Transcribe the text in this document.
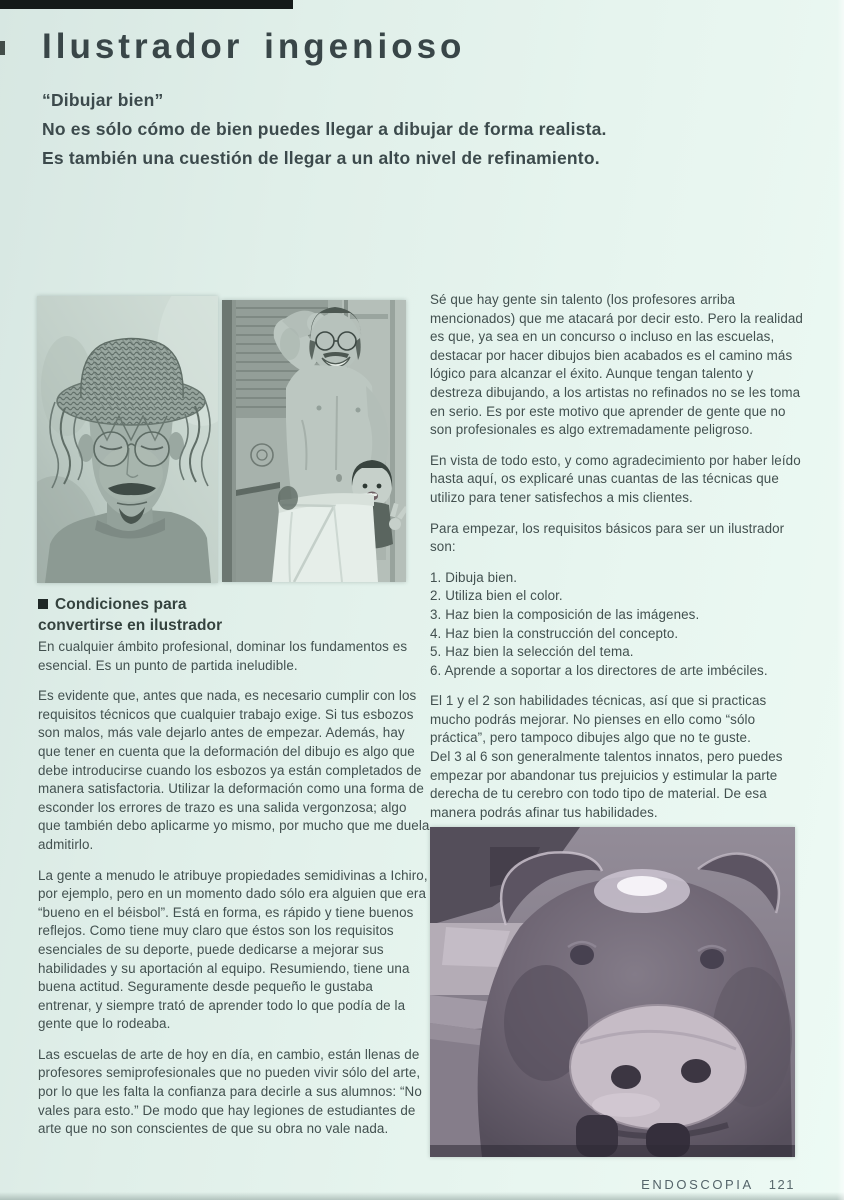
Ilustrador ingenioso
“Dibujar bien”
No es sólo cómo de bien puedes llegar a dibujar de forma realista.
Es también una cuestión de llegar a un alto nivel de refinamiento.
Condiciones para
convertirse en ilustrador

En cualquier ámbito profesional, dominar los fundamentos es esencial. Es un punto de partida ineludible.

Es evidente que, antes que nada, es necesario cumplir con los requisitos técnicos que cualquier trabajo exige. Si tus esbozos son malos, más vale dejarlo antes de empezar. Además, hay que tener en cuenta que la deformación del dibujo es algo que debe introducirse cuando los esbozos ya están completados de manera satisfactoria. Utilizar la deformación como una forma de esconder los errores de trazo es una salida vergonzosa; algo que también debo aplicarme yo mismo, por mucho que me duela admitirlo.

La gente a menudo le atribuye propiedades semidivinas a Ichiro, por ejemplo, pero en un momento dado sólo era alguien que era “bueno en el béisbol”. Está en forma, es rápido y tiene buenos reflejos. Como tiene muy claro que éstos son los requisitos esenciales de su deporte, puede dedicarse a mejorar sus habilidades y su aportación al equipo. Resumiendo, tiene una buena actitud. Seguramente desde pequeño le gustaba entrenar, y siempre trató de aprender todo lo que podía de la gente que lo rodeaba.

Las escuelas de arte de hoy en día, en cambio, están llenas de profesores semiprofesionales que no pueden vivir sólo del arte, por lo que les falta la confianza para decirle a sus alumnos: “No vales para esto.” De modo que hay legiones de estudiantes de arte que no son conscientes de que su obra no vale nada.

Sé que hay gente sin talento (los profesores arriba mencionados) que me atacará por decir esto. Pero la realidad es que, ya sea en un concurso o incluso en las escuelas, destacar por hacer dibujos bien acabados es el camino más lógico para alcanzar el éxito. Aunque tengan talento y destreza dibujando, a los artistas no refinados no se les toma en serio. Es por este motivo que aprender de gente que no son profesionales es algo extremadamente peligroso.

En vista de todo esto, y como agradecimiento por haber leído hasta aquí, os explicaré unas cuantas de las técnicas que utilizo para tener satisfechos a mis clientes.

Para empezar, los requisitos básicos para ser un ilustrador son:

1. Dibuja bien.
2. Utiliza bien el color.
3. Haz bien la composición de las imágenes.
4. Haz bien la construcción del concepto.
5. Haz bien la selección del tema.
6. Aprende a soportar a los directores de arte imbéciles.

El 1 y el 2 son habilidades técnicas, así que si practicas mucho podrás mejorar. No pienses en ello como “sólo práctica”, pero tampoco dibujes algo que no te guste.

Del 3 al 6 son generalmente talentos innatos, pero puedes empezar por abandonar tus prejuicios y estimular la parte derecha de tu cerebro con todo tipo de material. De esa manera podrás afinar tus habilidades.

ENDOSCOPIA 121
